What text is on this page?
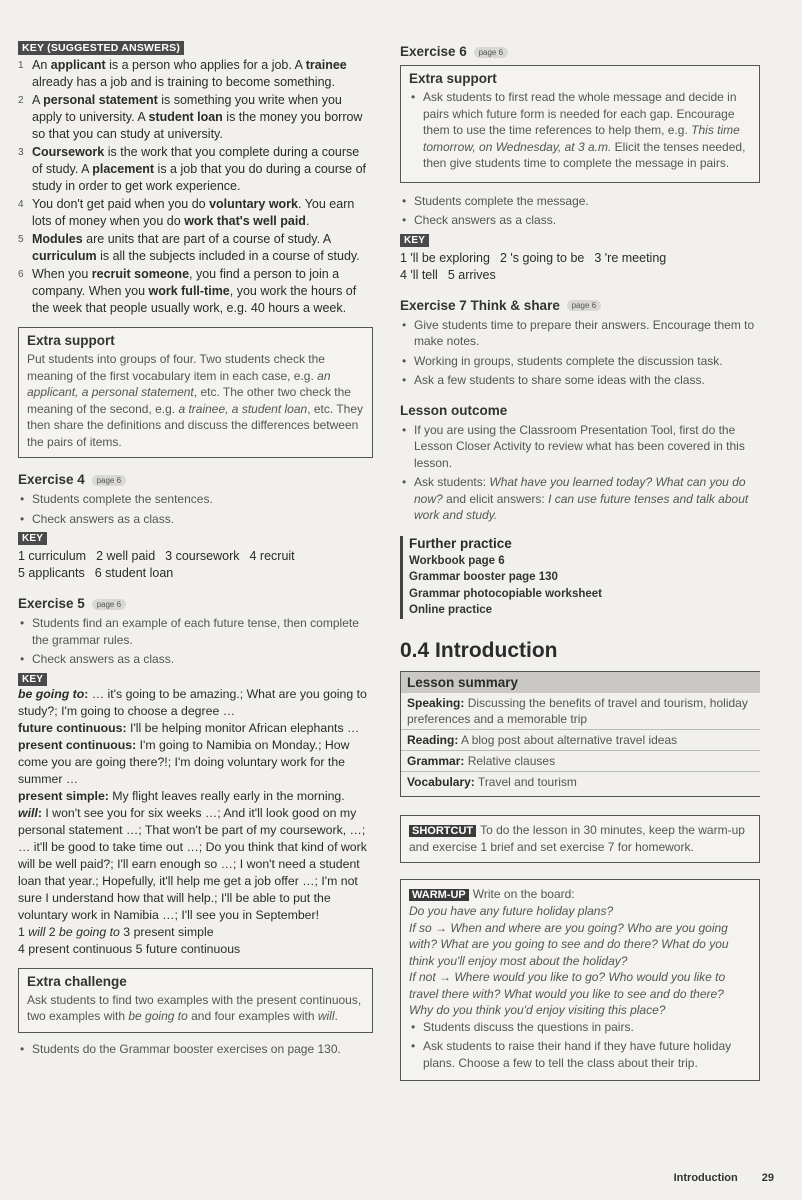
KEY (SUGGESTED ANSWERS)
1 An applicant is a person who applies for a job. A trainee already has a job and is training to become something.
2 A personal statement is something you write when you apply to university. A student loan is the money you borrow so that you can study at university.
3 Coursework is the work that you complete during a course of study. A placement is a job that you do during a course of study in order to get work experience.
4 You don't get paid when you do voluntary work. You earn lots of money when you do work that's well paid.
5 Modules are units that are part of a course of study. A curriculum is all the subjects included in a course of study.
6 When you recruit someone, you find a person to join a company. When you work full-time, you work the hours of the week that people usually work, e.g. 40 hours a week.
Extra support

Put students into groups of four. Two students check the meaning of the first vocabulary item in each case, e.g. an applicant, a personal statement, etc. The other two check the meaning of the second, e.g. a trainee, a student loan, etc. They then share the definitions and discuss the differences between the pairs of items.

Exercise 4 page 6
• Students complete the sentences.
• Check answers as a class.
KEY
1 curriculum 2 well paid 3 coursework 4 recruit
5 applicants 6 student loan
Exercise 5 page 6
• Students find an example of each future tense, then complete the grammar rules.
• Check answers as a class.
KEY

be going to: … it's going to be amazing.; What are you going to study?; I'm going to choose a degree …

future continuous: I'll be helping monitor African elephants …

present continuous: I'm going to Namibia on Monday.; How come you are going there?!; I'm doing voluntary work for the summer …

present simple: My flight leaves really early in the morning.

will: I won't see you for six weeks …; And it'll look good on my personal statement …; That won't be part of my coursework, …; … it'll be good to take time out …; Do you think that kind of work will be well paid?; I'll earn enough so …; I won't need a student loan that year.; Hopefully, it'll help me get a job offer …; I'm not sure I understand how that will help.; I'll be able to put the voluntary work in Namibia …; I'll see you in September!

1 will 2 be going to 3 present simple

4 present continuous 5 future continuous

Extra challenge

Ask students to find two examples with the present continuous, two examples with be going to and four examples with will.

• Students do the Grammar booster exercises on page 130.
Exercise 6 page 6
Extra support
• Ask students to first read the whole message and decide in pairs which future form is needed for each gap. Encourage them to use the time references to help them, e.g. This time tomorrow, on Wednesday, at 3 a.m. Elicit the tenses needed, then give students time to complete the message in pairs.
• Students complete the message.
• Check answers as a class.
KEY
1 'll be exploring 2 's going to be 3 're meeting
4 'll tell 5 arrives
Exercise 7 Think & share page 6
• Give students time to prepare their answers. Encourage them to make notes.
• Working in groups, students complete the discussion task.
• Ask a few students to share some ideas with the class.
Lesson outcome
• If you are using the Classroom Presentation Tool, first do the Lesson Closer Activity to review what has been covered in this lesson.
• Ask students: What have you learned today? What can you do now? and elicit answers: I can use future tenses and talk about work and study.
Further practice
Workbook page 6
Grammar booster page 130
Grammar photocopiable worksheet
Online practice
0.4 Introduction
Lesson summary
Speaking: Discussing the benefits of travel and tourism, holiday preferences and a memorable trip
Reading: A blog post about alternative travel ideas
Grammar: Relative clauses
Vocabulary: Travel and tourism
SHORTCUT To do the lesson in 30 minutes, keep the warm-up and exercise 1 brief and set exercise 7 for homework.
WARM-UP Write on the board:
Do you have any future holiday plans?
If so → When and where are you going? Who are you going with? What are you going to see and do there? What do you think you'll enjoy most about the holiday?
If not → Where would you like to go? Who would you like to travel there with? What would you like to see and do there? Why do you think you'd enjoy visiting this place?
• Students discuss the questions in pairs.
• Ask students to raise their hand if they have future holiday plans. Choose a few to tell the class about their trip.
Introduction 29
